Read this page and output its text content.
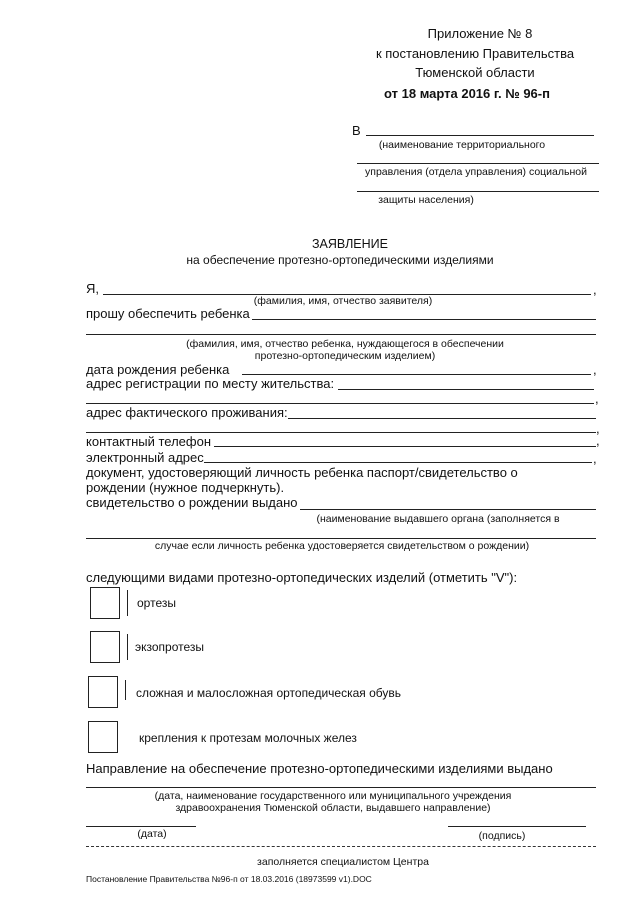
Приложение № 8
к постановлению Правительства
Тюменской области
от 18 марта 2016 г. № 96-п
В
(наименование территориального
управления (отдела управления) социальной
защиты населения)
ЗАЯВЛЕНИЕ
на обеспечение протезно-ортопедическими изделиями
Я,	,
(фамилия, имя, отчество заявителя)
прошу обеспечить ребенка
(фамилия, имя, отчество ребенка, нуждающегося в обеспечении
протезно-ортопедическим изделием)
дата рождения ребенка	,
адрес регистрации по месту жительства:
,
адрес фактического проживания:
,
контактный телефон	,
электронный адрес	,
документ, удостоверяющий личность ребенка паспорт/свидетельство о
рождении (нужное подчеркнуть).
свидетельство о рождении выдано
(наименование выдавшего органа (заполняется в
случае если личность ребенка удостоверяется свидетельством о рождении)
следующими видами протезно-ортопедических изделий (отметить "V"):
ортезы
экзопротезы
сложная и малосложная ортопедическая обувь
крепления к протезам молочных желез
Направление на обеспечение протезно-ортопедическими изделиями выдано
(дата, наименование государственного или муниципального учреждения
здравоохранения Тюменской области, выдавшего направление)
(дата)	(подпись)
заполняется специалистом Центра
Постановление Правительства №96-п от 18.03.2016 (18973599 v1).DOC
